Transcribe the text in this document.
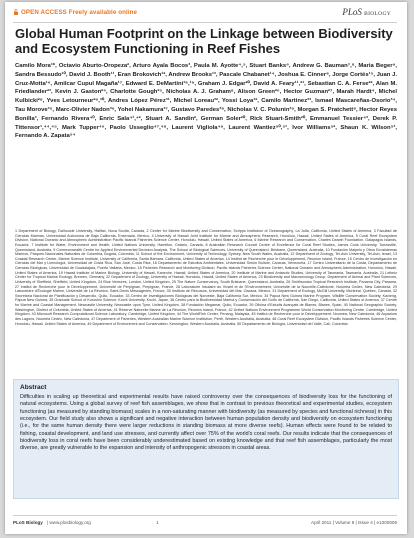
OPEN ACCESS Freely available online	PLoS BIOLOGY
Global Human Footprint on the Linkage between Biodiversity and Ecosystem Functioning in Reef Fishes

Camilo Mora¹*, Octavio Aburto-Oropeza², Arturo Ayala Bocos³, Paula M. Ayotte⁴,⁵, Stuart Banks⁶, Andrew G. Bauman⁷,⁸, Maria Beger⁹, Sandra Bessudo¹⁰, David J. Booth¹¹, Eran Brokovich¹², Andrew Brooks¹³, Pascale Chabanet¹⁴, Joshua E. Cinner⁸, Jorge Cortés¹⁵, Juan J. Cruz-Motta¹⁶, Amilcar Cupul Magaña¹⁷, Edward E. DeMartini¹⁸,¹⁹, Graham J. Edgar²⁰, David A. Feary¹¹,²¹, Sebastian C. A. Ferse²², Alan M. Friedlander²³, Kevin J. Gaston²⁴, Charlotte Gough²⁵, Nicholas A. J. Graham⁸, Alison Green²⁶, Hector Guzman²⁷, Marah Hardt⁴, Michel Kulbicki²⁸, Yves Letourneur²⁹,³⁰, Andres López Pérez³¹, Michel Loreau³², Yossi Loya¹², Camilo Martinez³³, Ismael Mascareñas-Osorio³⁴, Tau Morove³⁵, Marc-Olivier Nadon³⁶, Yohei Nakamura³⁷, Gustavo Paredes³⁸, Nicholas V. C. Polunin³⁹, Morgan S. Pratchett⁸, Hector Reyes Bonilla³, Fernando Rivera⁴⁰, Enric Sala⁴¹,⁴², Stuart A. Sandin², German Soler²⁰, Rick Stuart-Smith²⁰, Emmanuel Tessier⁴³, Derek P. Tittensor¹,⁴⁴,⁴⁵, Mark Tupper⁴⁶, Paolo Usseglio⁴⁷,⁴⁸, Laurent Vigliola⁴⁹, Laurent Wantiez⁵⁰,⁵¹, Ivor Williams⁵², Shaun K. Wilson⁵³, Fernando A. Zapata⁵⁴

1 Department of Biology, Dalhousie University, Halifax, Nova Scotia, Canada, 2 Center for Marine Biodiversity and Conservation, Scripps Institution of Oceanography, La Jolla, California, United States of America, 3 Facultad de Ciencias Marinas, Universidad Autónoma de Baja California, Ensenada, Mexico, 4 University of Hawaii Joint Institute for Marine and Atmospheric Research, Honolulu, Hawaii, United States of America, 5 Coral Reef Ecosystem Division, National Oceanic and Atmospheric Administration Pacific Islands Fisheries Science Center, Honolulu, Hawaii, United States of America, 6 Marine Research and Conservation, Charles Darwin Foundation, Galapagos Islands, Ecuador, 7 Institute for Water, Environment and Health, United Nations University, Hamilton, Ontario, Canada, 8 Australian Research Council Centre of Excellence for Coral Reef Studies, James Cook University, Townsville, Queensland, Australia, 9 Commonwealth Centre for Applied Environmental Decision Analysis, The School of Biological Sciences, University of Queensland, Brisbane, Queensland, Australia, 10 Fundación Malpelo y Otros Ecosistemas Marinos, Parques Nacionales Naturales de Colombia, Bogota, Colombia, 11 School of the Environment, University of Technology, Sydney, New South Wales, Australia, 12 Department of Zoology, Tel-Aviv University, Tel-Aviv, Israel, 13 Coastal Research Center, Marine Science Institute, University of California, Santa Barbara, California, United States of America, 14 Institut de Recherche pour le Développement, Reunion Island, France, 15 Centro de Investigación en Ciencias del Mar y Limnología, Universidad de Costa Rica, San José, Costa Rica, 16 Departamento de Estudios Ambientales, Universidad Simón Bolívar, Caracas, Venezuela, 17 Centro Universitario de la Costa, Departamento de Ciencias Biológicas, Universidad de Guadalajara, Puerto Vallarta, Mexico, 18 Fisheries Research and Monitoring Division, Pacific Islands Fisheries Science Center, National Oceanic and Atmospheric Administration, Honolulu, Hawaii, United States of America, 19 Hawaii Institute of Marine Biology, University of Hawaii, Kaneohe, Hawaii, United States of America, 20 Institute of Marine and Antarctic Studies, University of Tasmania, Tasmania, Australia, 21 Leibniz Center for Tropical Marine Ecology, Bremen, Germany, 22 Department of Zoology, University of Hawaii, Honolulu, Hawaii, United States of America, 23 Biodiversity and Macroecology Group, Department of Animal and Plant Sciences, University of Sheffield, Sheffield, United Kingdom, 24 Blue Ventures, London, United Kingdom, 25 The Nature Conservancy, South Brisbane, Queensland, Australia, 26 Smithsonian Tropical Research Institute, Panama City, Panama, 27 Institut de Recherche pour le Développement, Université de Perpignan, Perpignan, France, 28 Laboratoire Insulaire du Vivant et de l'Environnement, Université de la Nouvelle-Calédonie, Nouméa Cedex, New Caledonia, 29 Laboratoire d'Écologie Marine, Université de La Réunion, Saint-Denis Messageries, France, 30 Instituto de Recursos, Universidad del Mar, Oaxaca, Mexico, 31 Department of Ecology, McGill University, Montreal, Québec, Canada, 32 Secretaría Nacional de Planificación y Desarrollo, Quito, Ecuador, 33 Centro de Investigaciones Biológicas del Noroeste, Baja California Sur, Mexico, 34 Papua New Guinea Marine Program, Wildlife Conservation Society, Kavieng, Papua New Guinea, 35 Graduate School of Kuroshio Science, Kochi University, Kochi, Japan, 36 Centro para la Biodiversidad Marina y Conservación del Golfo de California, San Diego, California, United States of America, 37 Centre for Marine and Coastal Management, Newcastle University, Newcastle upon Tyne, United Kingdom, 38 Fundación Megamar, Quito, Ecuador, 39 Oficina d'Estudis Avançats de Blanes, Blanes, Spain, 40 National Geographic Society, Washington, District of Columbia, United States of America, 41 Réserve Naturelle Marine de La Réunion, Reunion Island, France, 42 United Nations Environment Programme World Conservation Monitoring Centre, Cambridge, United Kingdom, 43 Microsoft Research Computational Science Laboratory, Cambridge, United Kingdom, 44 The WorldFish Center, Penang, Malaysia, 45 Institut de Recherche pour le Développement, Nouméa, New Caledonia, 46 Aquarium des Lagons, Nouméa Cedex, New Caledonia, 47 Department of Fisheries, Western Australian Marine Science Institution, Perth, Western Australia, Australia, 48 Coral Reef Ecosystem Division, Pacific Islands Fisheries Science Center, Honolulu, Hawaii, United States of America, 49 Department of Environment and Conservation, Kensington, Western Australia, Australia, 50 Departamento de Biología, Universidad del Valle, Cali, Colombia

Abstract

Difficulties in scaling up theoretical and experimental results have raised controversy over the consequences of biodiversity loss for the functioning of natural ecosystems. Using a global survey of reef fish assemblages, we show that in contrast to previous theoretical and experimental studies, ecosystem functioning (as measured by standing biomass) scales in a non-saturating manner with biodiversity (as measured by species and functional richness) in this ecosystem. Our field study also shows a significant and negative interaction between human population density and biodiversity on ecosystem functioning (i.e., for the same human density there were larger reductions in standing biomass at more diverse reefs). Human effects were found to be related to fishing, coastal development, and land use stresses, and currently affect over 75% of the world's coral reefs. Our results indicate that the consequences of biodiversity loss in coral reefs have been considerably underestimated based on existing knowledge and that reef fish assemblages, particularly the most diverse, are greatly vulnerable to the expansion and intensity of anthropogenic stressors in coastal areas.

PLoS Biology | www.plosbiology.org	1	April 2011 | Volume 9 | Issue 4 | e1000606
